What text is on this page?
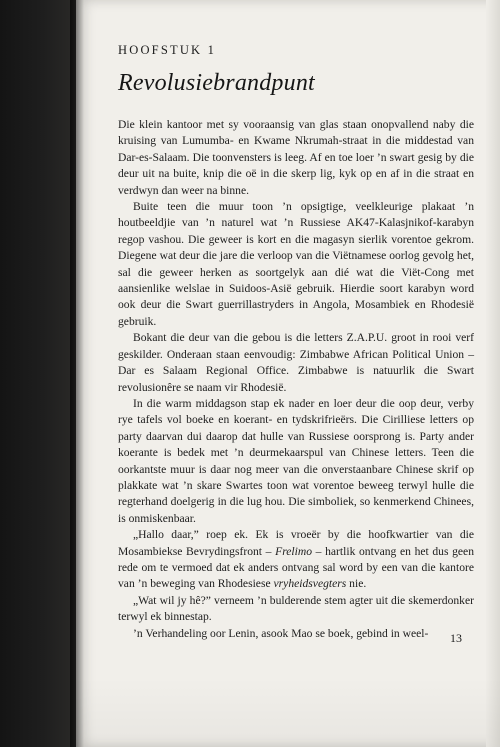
HOOFSTUK 1
Revolusiebrandpunt

Die klein kantoor met sy vooraansig van glas staan onopvallend naby die kruising van Lumumba- en Kwame Nkrumah-straat in die middestad van Dar-es-Salaam. Die toonvensters is leeg. Af en toe loer ’n swart gesig by die deur uit na buite, knip die oë in die skerp lig, kyk op en af in die straat en verdwyn dan weer na binne.

Buite teen die muur toon ’n opsigtige, veelkleurige plakaat ’n houtbeeldjie van ’n naturel wat ’n Russiese AK47-Kalasjnikof-karabyn regop vashou. Die geweer is kort en die magasyn sierlik vorentoe gekrom. Diegene wat deur die jare die verloop van die Viëtnamese oorlog gevolg het, sal die geweer herken as soortgelyk aan dié wat die Viët-Cong met aansienlike welslae in Suidoos-Asië gebruik. Hierdie soort karabyn word ook deur die Swart guerrillastryders in Angola, Mosambiek en Rhodesië gebruik.

Bokant die deur van die gebou is die letters Z.A.P.U. groot in rooi verf geskilder. Onderaan staan eenvoudig: Zimbabwe African Political Union – Dar es Salaam Regional Office. Zimbabwe is natuurlik die Swart revolusionêre se naam vir Rhodesië.

In die warm middagson stap ek nader en loer deur die oop deur, verby rye tafels vol boeke en koerant- en tydskrifrieërs. Die Cirilliese letters op party daarvan dui daarop dat hulle van Russiese oorsprong is. Party ander koerante is bedek met ’n deurmekaarspul van Chinese letters. Teen die oorkantste muur is daar nog meer van die onverstaanbare Chinese skrif op plakkate wat ’n skare Swartes toon wat vorentoe beweeg terwyl hulle die regterhand doelgerig in die lug hou. Die simboliek, so kenmerkend Chinees, is onmiskenbaar.

„Hallo daar,” roep ek. Ek is vroeër by die hoofkwartier van die Mosambiekse Bevrydingsfront – Frelimo – hartlik ontvang en het dus geen rede om te vermoed dat ek anders ontvang sal word by een van die kantore van ’n beweging van Rhodesiese vryheidsvegters nie.

„Wat wil jy hê?” verneem ’n bulderende stem agter uit die skemerdonker terwyl ek binnestap.

’n Verhandeling oor Lenin, asook Mao se boek, gebind in weel-	13
